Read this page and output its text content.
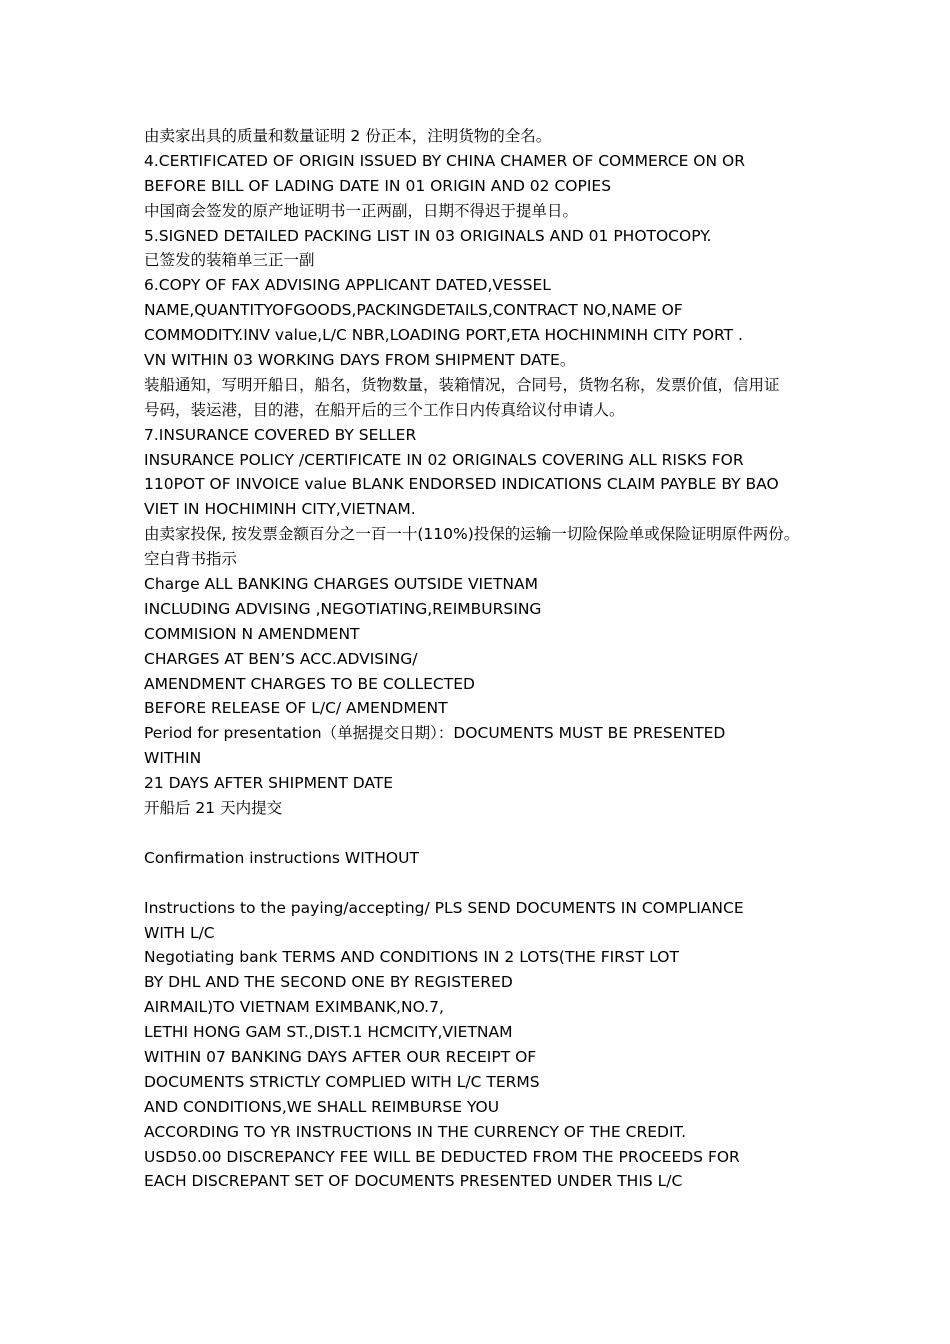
由卖家出具的质量和数量证明 2 份正本，注明货物的全名。
4.CERTIFICATED OF ORIGIN ISSUED BY CHINA CHAMER OF COMMERCE ON OR
BEFORE BILL OF LADING DATE IN 01 ORIGIN AND 02 COPIES
中国商会签发的原产地证明书一正两副，日期不得迟于提单日。
5.SIGNED DETAILED PACKING LIST IN 03 ORIGINALS AND 01 PHOTOCOPY.
已签发的装箱单三正一副
6.COPY OF FAX ADVISING APPLICANT DATED,VESSEL
NAME,QUANTITYOFGOODS,PACKINGDETAILS,CONTRACT NO,NAME OF
COMMODITY.INV value,L/C NBR,LOADING PORT,ETA HOCHINMINH CITY PORT .
VN WITHIN 03 WORKING DAYS FROM SHIPMENT DATE。
装船通知，写明开船日，船名，货物数量，装箱情况，合同号，货物名称，发票价值，信用证
号码，装运港，目的港，在船开后的三个工作日内传真给议付申请人。
7.INSURANCE COVERED BY SELLER
INSURANCE POLICY /CERTIFICATE IN 02 ORIGINALS COVERING ALL RISKS FOR
110POT OF INVOICE value BLANK ENDORSED INDICATIONS CLAIM PAYBLE BY BAO
VIET IN HOCHIMINH CITY,VIETNAM.
由卖家投保, 按发票金额百分之一百一十(110%)投保的运输一切险保险单或保险证明原件两份。
空白背书指示
Charge ALL BANKING CHARGES OUTSIDE VIETNAM
INCLUDING ADVISING ,NEGOTIATING,REIMBURSING
COMMISION N AMENDMENT
CHARGES AT BEN’S ACC.ADVISING/
AMENDMENT CHARGES TO BE COLLECTED
BEFORE RELEASE OF L/C/ AMENDMENT
Period for presentation（单据提交日期）：DOCUMENTS MUST BE PRESENTED
WITHIN
21 DAYS AFTER SHIPMENT DATE
开船后 21 天内提交
Confirmation instructions WITHOUT
Instructions to the paying/accepting/ PLS SEND DOCUMENTS IN COMPLIANCE
WITH L/C
Negotiating bank TERMS AND CONDITIONS IN 2 LOTS(THE FIRST LOT
BY DHL AND THE SECOND ONE BY REGISTERED
AIRMAIL)TO VIETNAM EXIMBANK,NO.7,
LETHI HONG GAM ST.,DIST.1 HCMCITY,VIETNAM
WITHIN 07 BANKING DAYS AFTER OUR RECEIPT OF
DOCUMENTS STRICTLY COMPLIED WITH L/C TERMS
AND CONDITIONS,WE SHALL REIMBURSE YOU
ACCORDING TO YR INSTRUCTIONS IN THE CURRENCY OF THE CREDIT.
USD50.00 DISCREPANCY FEE WILL BE DEDUCTED FROM THE PROCEEDS FOR
EACH DISCREPANT SET OF DOCUMENTS PRESENTED UNDER THIS L/C
